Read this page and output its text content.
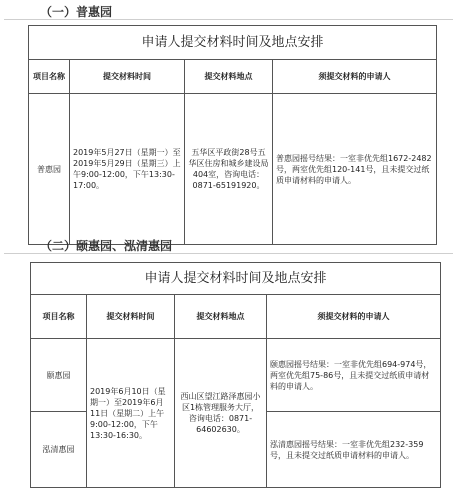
（一）普惠园
申请人提交材料时间及地点安排			
项目名称	提交材料时间	提交材料地点	须提交材料的申请人
普惠园	2019年5月27日（星期一）至2019年5月29日（星期三）上午9:00-12:00，下午13:30-17:00。	五华区平政街28号五华区住房和城乡建设局404室，咨询电话：0871-65191920。	普惠园摇号结果：一室非优先组1672-2482号，两室优先组120-141号，且未提交过纸质申请材料的申请人。
（二）颐惠园、泓清惠园
申请人提交材料时间及地点安排			
项目名称	提交材料时间	提交材料地点	须提交材料的申请人
颐惠园	2019年6月10日（星期一）至2019年6月11日（星期二）上午9:00-12:00，下午13:30-16:30。	西山区望江路泽惠园小区1栋管理服务大厅，咨询电话：0871-64602630。	颐惠园摇号结果：一室非优先组694-974号，两室优先组75-86号，且未提交过纸质申请材料的申请人。
泓清惠园			泓清惠园摇号结果：一室非优先组232-359号，且未提交过纸质申请材料的申请人。
